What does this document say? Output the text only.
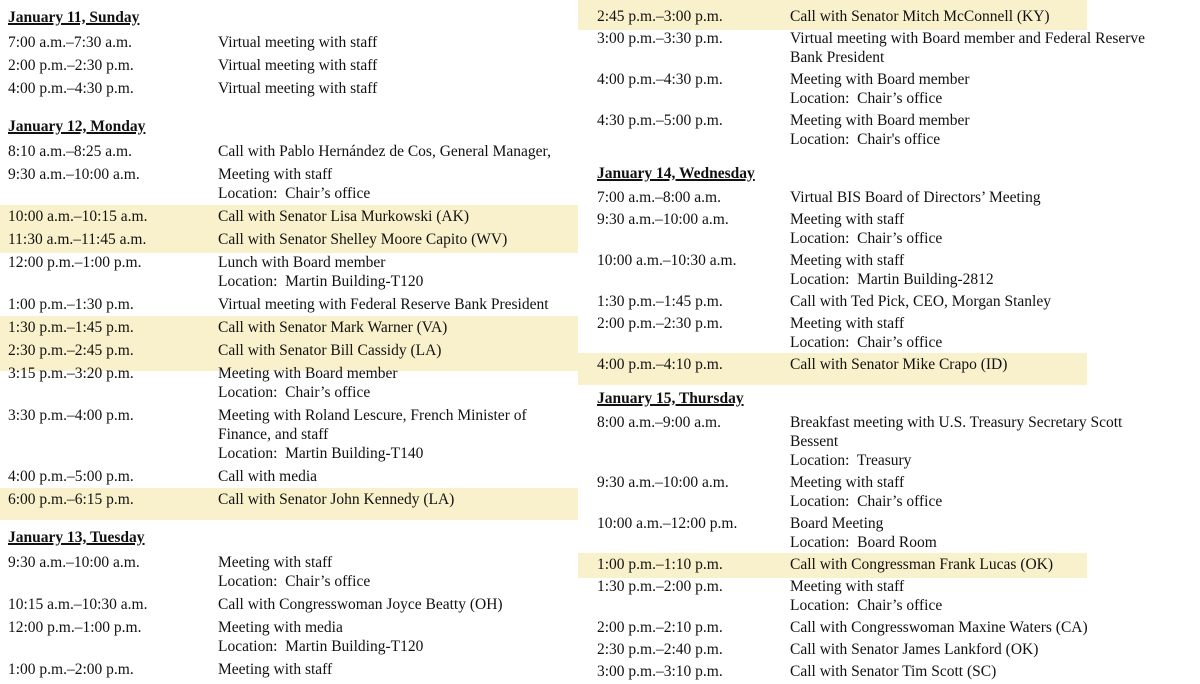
January 11, Sunday
7:00 a.m.–7:30 a.m.	Virtual meeting with staff
2:00 p.m.–2:30 p.m.	Virtual meeting with staff
4:00 p.m.–4:30 p.m.	Virtual meeting with staff
January 12, Monday
8:10 a.m.–8:25 a.m.	Call with Pablo Hernández de Cos, General Manager,
9:30 a.m.–10:00 a.m.	Meeting with staff
Location:  Chair’s office
10:00 a.m.–10:15 a.m.	Call with Senator Lisa Murkowski (AK)
11:30 a.m.–11:45 a.m.	Call with Senator Shelley Moore Capito (WV)
12:00 p.m.–1:00 p.m.	Lunch with Board member
Location:  Martin Building-T120
1:00 p.m.–1:30 p.m.	Virtual meeting with Federal Reserve Bank President
1:30 p.m.–1:45 p.m.	Call with Senator Mark Warner (VA)
2:30 p.m.–2:45 p.m.	Call with Senator Bill Cassidy (LA)
3:15 p.m.–3:20 p.m.	Meeting with Board member
Location:  Chair’s office
3:30 p.m.–4:00 p.m.	Meeting with Roland Lescure, French Minister of
Finance, and staff
Location:  Martin Building-T140
4:00 p.m.–5:00 p.m.	Call with media
6:00 p.m.–6:15 p.m.	Call with Senator John Kennedy (LA)
January 13, Tuesday
9:30 a.m.–10:00 a.m.	Meeting with staff
Location:  Chair’s office
10:15 a.m.–10:30 a.m.	Call with Congresswoman Joyce Beatty (OH)
12:00 p.m.–1:00 p.m.	Meeting with media
Location:  Martin Building-T120
1:00 p.m.–2:00 p.m.	Meeting with staff
2:45 p.m.–3:00 p.m.	Call with Senator Mitch McConnell (KY)
3:00 p.m.–3:30 p.m.	Virtual meeting with Board member and Federal Reserve
Bank President
4:00 p.m.–4:30 p.m.	Meeting with Board member
Location:  Chair’s office
4:30 p.m.–5:00 p.m.	Meeting with Board member
Location:  Chair's office
January 14, Wednesday
7:00 a.m.–8:00 a.m.	Virtual BIS Board of Directors’ Meeting
9:30 a.m.–10:00 a.m.	Meeting with staff
Location:  Chair’s office
10:00 a.m.–10:30 a.m.	Meeting with staff
Location:  Martin Building-2812
1:30 p.m.–1:45 p.m.	Call with Ted Pick, CEO, Morgan Stanley
2:00 p.m.–2:30 p.m.	Meeting with staff
Location:  Chair’s office
4:00 p.m.–4:10 p.m.	Call with Senator Mike Crapo (ID)
January 15, Thursday
8:00 a.m.–9:00 a.m.	Breakfast meeting with U.S. Treasury Secretary Scott
Bessent
Location:  Treasury
9:30 a.m.–10:00 a.m.	Meeting with staff
Location:  Chair’s office
10:00 a.m.–12:00 p.m.	Board Meeting
Location:  Board Room
1:00 p.m.–1:10 p.m.	Call with Congressman Frank Lucas (OK)
1:30 p.m.–2:00 p.m.	Meeting with staff
Location:  Chair’s office
2:00 p.m.–2:10 p.m.	Call with Congresswoman Maxine Waters (CA)
2:30 p.m.–2:40 p.m.	Call with Senator James Lankford (OK)
3:00 p.m.–3:10 p.m.	Call with Senator Tim Scott (SC)
